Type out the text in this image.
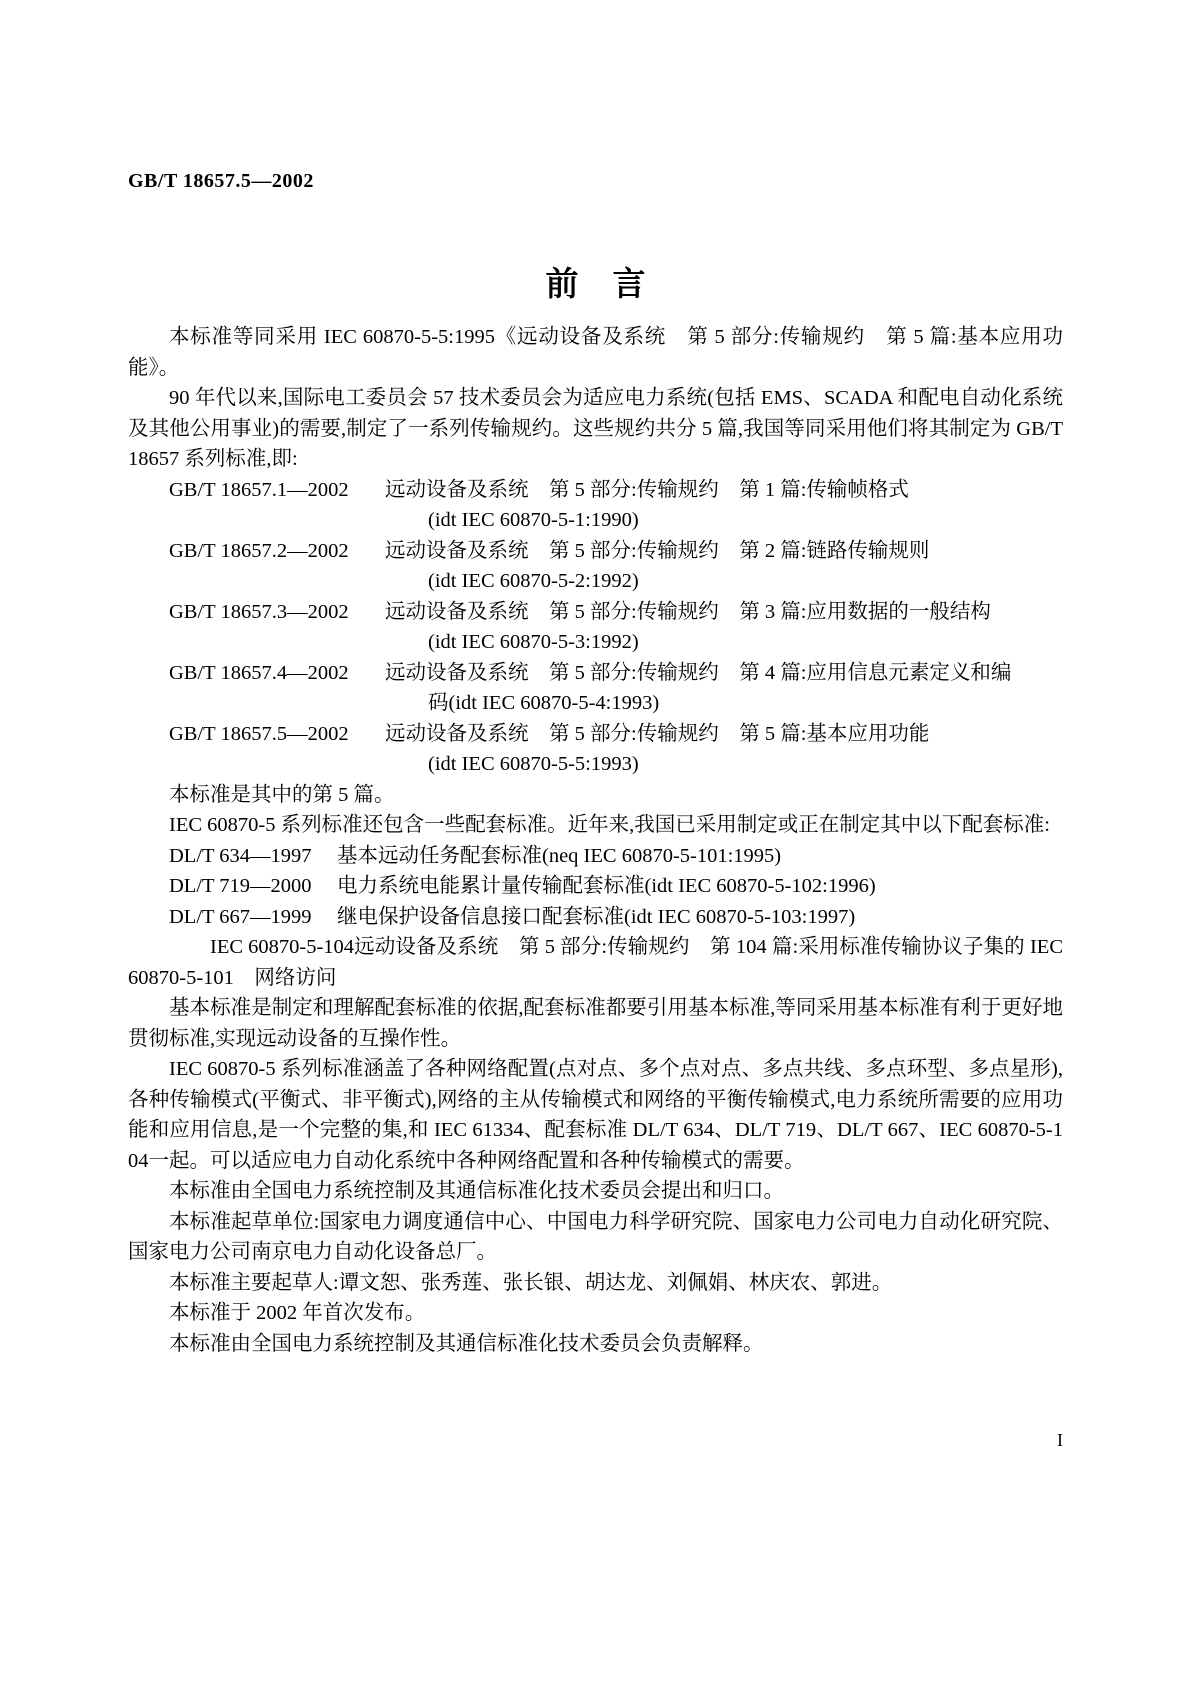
GB/T 18657.5—2002
前言

本标准等同采用 IEC 60870-5-5:1995《远动设备及系统　第 5 部分:传输规约　第 5 篇:基本应用功能》。

90 年代以来,国际电工委员会 57 技术委员会为适应电力系统(包括 EMS、SCADA 和配电自动化系统及其他公用事业)的需要,制定了一系列传输规约。这些规约共分 5 篇,我国等同采用他们将其制定为 GB/T 18657 系列标准,即:

GB/T 18657.1—2002 远动设备及系统　第 5 部分:传输规约　第 1 篇:传输帧格式
(idt IEC 60870-5-1:1990)
GB/T 18657.2—2002 远动设备及系统　第 5 部分:传输规约　第 2 篇:链路传输规则
(idt IEC 60870-5-2:1992)
GB/T 18657.3—2002 远动设备及系统　第 5 部分:传输规约　第 3 篇:应用数据的一般结构
(idt IEC 60870-5-3:1992)
GB/T 18657.4—2002 远动设备及系统　第 5 部分:传输规约　第 4 篇:应用信息元素定义和编
码(idt IEC 60870-5-4:1993)
GB/T 18657.5—2002 远动设备及系统　第 5 部分:传输规约　第 5 篇:基本应用功能
(idt IEC 60870-5-5:1993)

本标准是其中的第 5 篇。

IEC 60870-5 系列标准还包含一些配套标准。近年来,我国已采用制定或正在制定其中以下配套标准:

DL/T 634—1997 基本远动任务配套标准(neq IEC 60870-5-101:1995)
DL/T 719—2000 电力系统电能累计量传输配套标准(idt IEC 60870-5-102:1996)
DL/T 667—1999 继电保护设备信息接口配套标准(idt IEC 60870-5-103:1997)
IEC 60870-5-104远动设备及系统　第 5 部分:传输规约　第 104 篇:采用标准传输协议子集的 IEC 60870-5-101　网络访问

基本标准是制定和理解配套标准的依据,配套标准都要引用基本标准,等同采用基本标准有利于更好地贯彻标准,实现远动设备的互操作性。

IEC 60870-5 系列标准涵盖了各种网络配置(点对点、多个点对点、多点共线、多点环型、多点星形),各种传输模式(平衡式、非平衡式),网络的主从传输模式和网络的平衡传输模式,电力系统所需要的应用功能和应用信息,是一个完整的集,和 IEC 61334、配套标准 DL/T 634、DL/T 719、DL/T 667、IEC 60870-5-104一起。可以适应电力自动化系统中各种网络配置和各种传输模式的需要。

本标准由全国电力系统控制及其通信标准化技术委员会提出和归口。

本标准起草单位:国家电力调度通信中心、中国电力科学研究院、国家电力公司电力自动化研究院、国家电力公司南京电力自动化设备总厂。

本标准主要起草人:谭文恕、张秀莲、张长银、胡达龙、刘佩娟、林庆农、郭进。

本标准于 2002 年首次发布。

本标准由全国电力系统控制及其通信标准化技术委员会负责解释。

I
